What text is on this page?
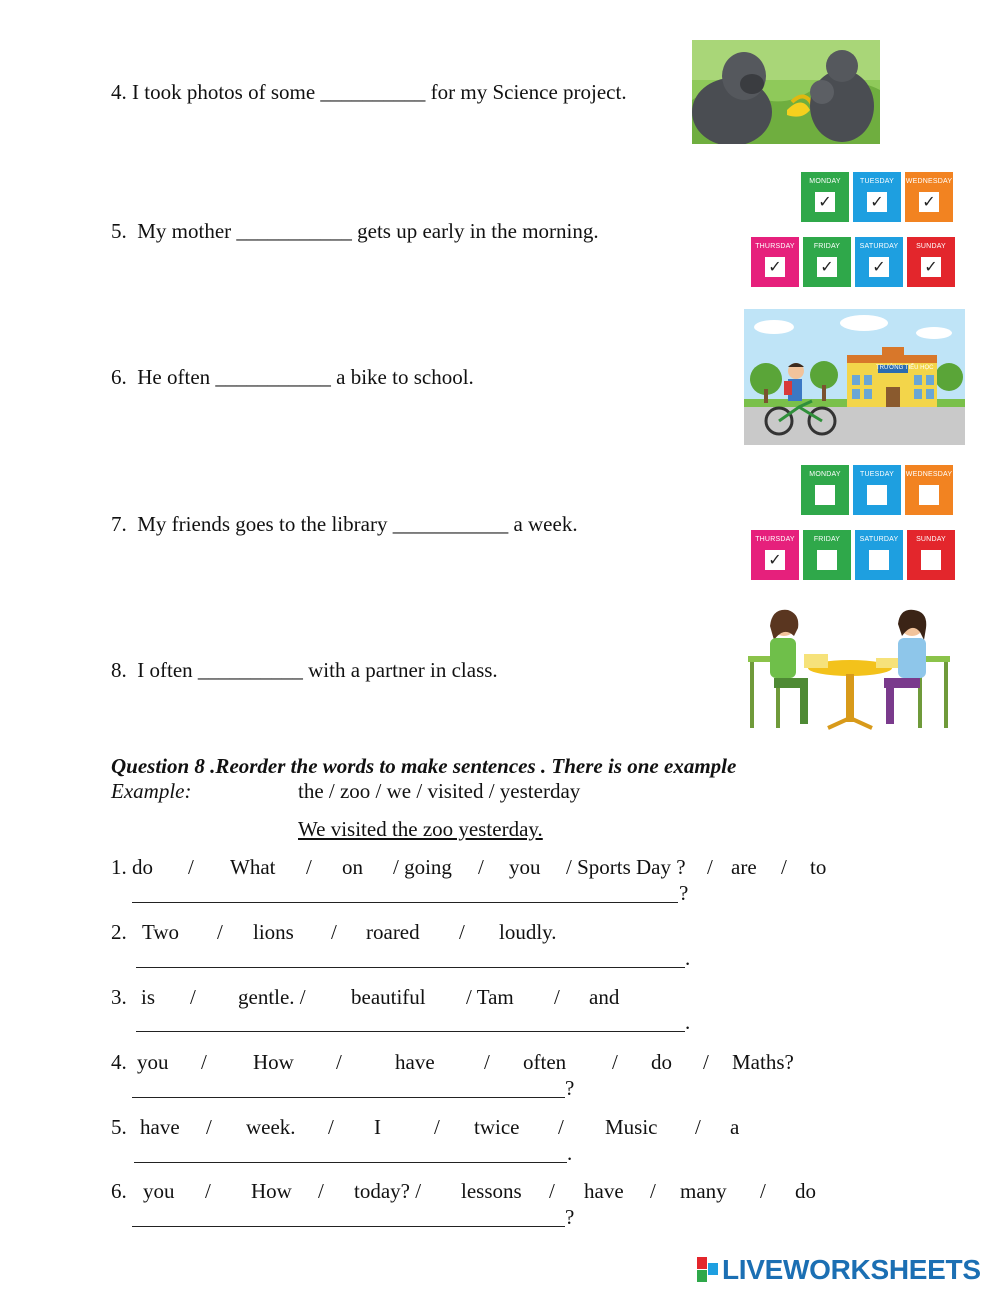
4. I took photos of some __________ for my Science project.
5.  My mother ___________ gets up early in the morning.
6.  He often ___________ a bike to school.
7.  My friends goes to the library ___________ a week.
8.  I often __________ with a partner in class.
MONDAY
✓
TUESDAY
✓
WEDNESDAY
✓
THURSDAY
✓
FRIDAY
✓
SATURDAY
✓
SUNDAY
✓
TRƯỜNG TIỂU HỌC
MONDAY	TUESDAY WEDNESDAY
THURSDAY
✓
FRIDAY	SATURDAY	SUNDAY
Question 8 .Reorder the words to make sentences . There is one example
Example:	the / zoo / we / visited / yesterday
We visited the zoo yesterday.
1. do / What / on / going / you / Sports Day ? / are / to
?
2. Two / lions / roared / loudly.
.
3. is / gentle. / beautiful / Tam / and
.
4. you / How /	have / often / do / Maths?
?
5. have / week. / I	/ twice / Music / a
.
6. you / How / today? / lessons / have / many / do
?
LIVEWORKSHEETS
